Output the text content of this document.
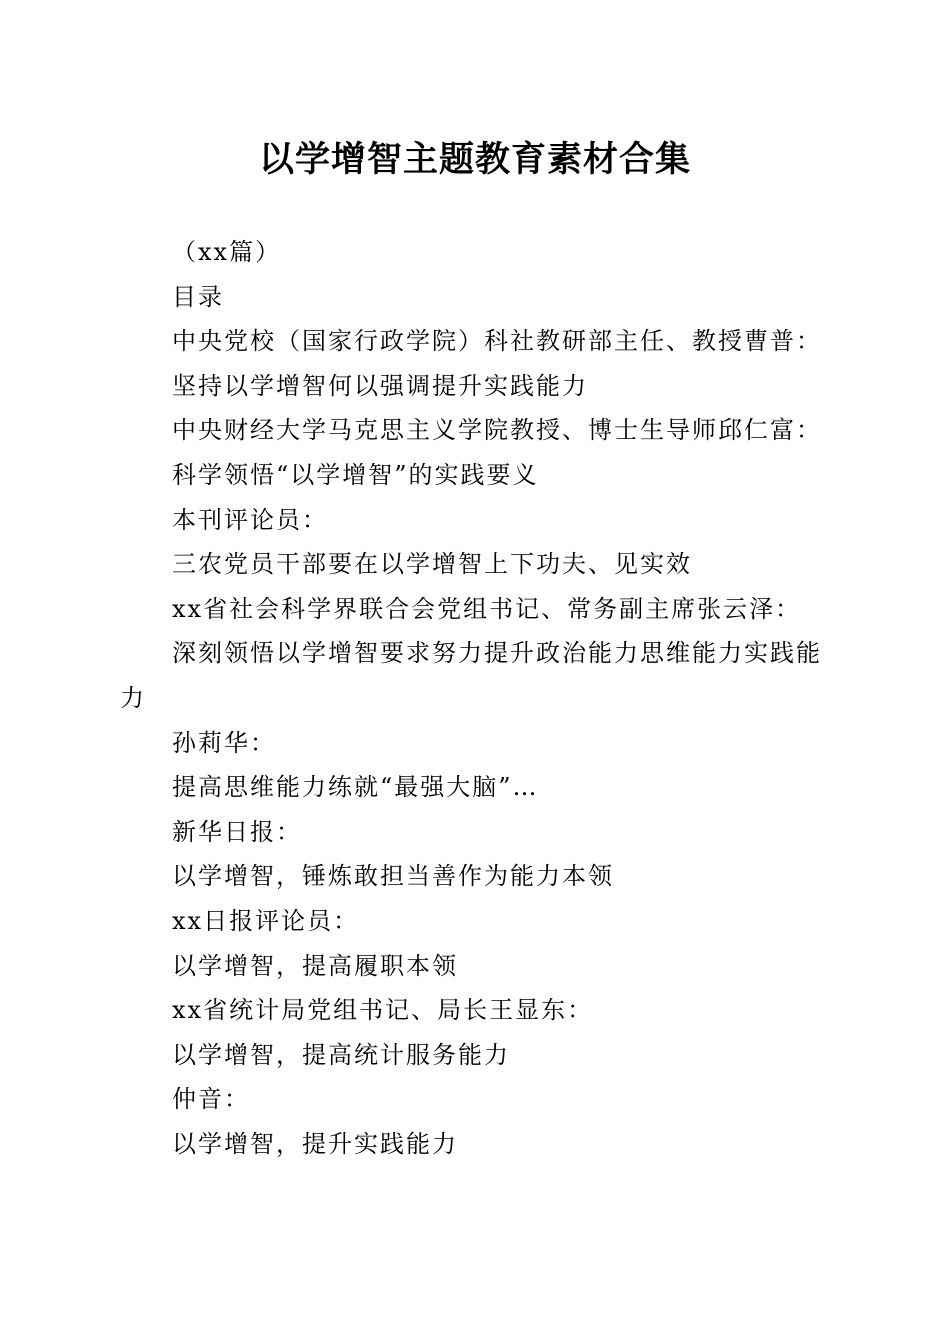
以学增智主题教育素材合集

（xx篇）

目录

中央党校（国家行政学院）科社教研部主任、教授曹普：

坚持以学增智何以强调提升实践能力

中央财经大学马克思主义学院教授、博士生导师邱仁富：

科学领悟“以学增智”的实践要义

本刊评论员：

三农党员干部要在以学增智上下功夫、见实效

xx省社会科学界联合会党组书记、常务副主席张云泽：

深刻领悟以学增智要求努力提升政治能力思维能力实践能力

孙莉华：

提高思维能力练就“最强大脑”…

新华日报：

以学增智，锤炼敢担当善作为能力本领

xx日报评论员：

以学增智，提高履职本领

xx省统计局党组书记、局长王显东：

以学增智，提高统计服务能力

仲音：

以学增智，提升实践能力
